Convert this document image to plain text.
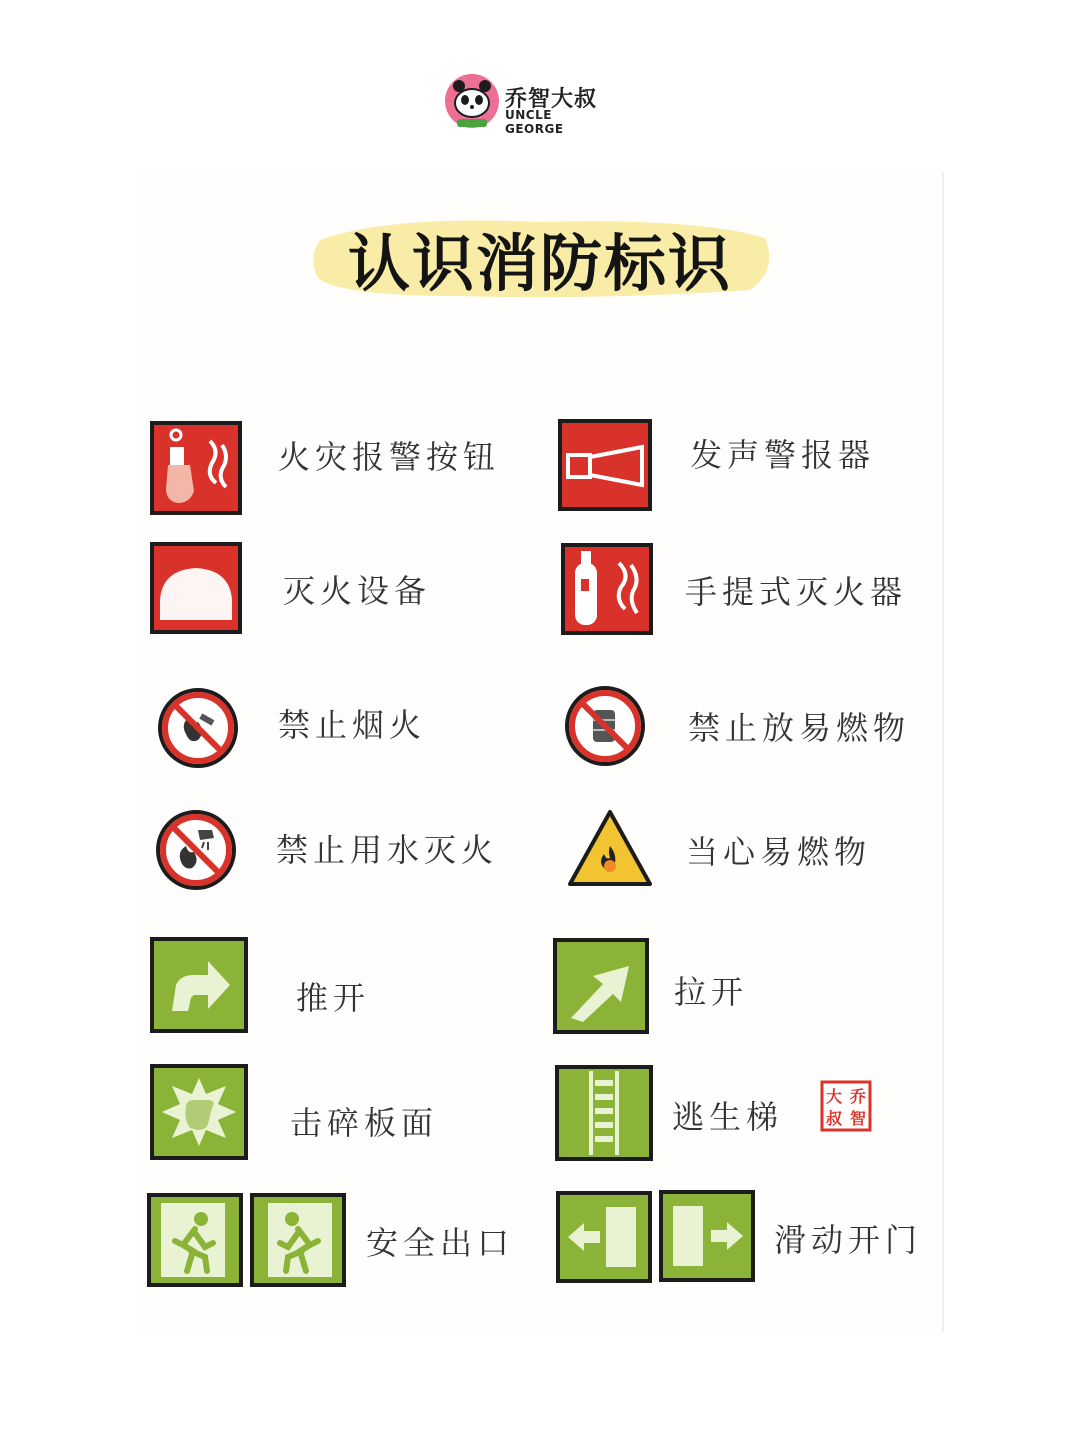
乔智大叔
UNCLE GEORGE
认识消防标识
火灾报警按钮	发声警报器
灭火设备	手提式灭火器
禁止烟火	禁止放易燃物
禁止用水灭火	当心易燃物
推开	拉开
击碎板面	逃生梯
大 乔
叔 智
安全出口	滑动开门
